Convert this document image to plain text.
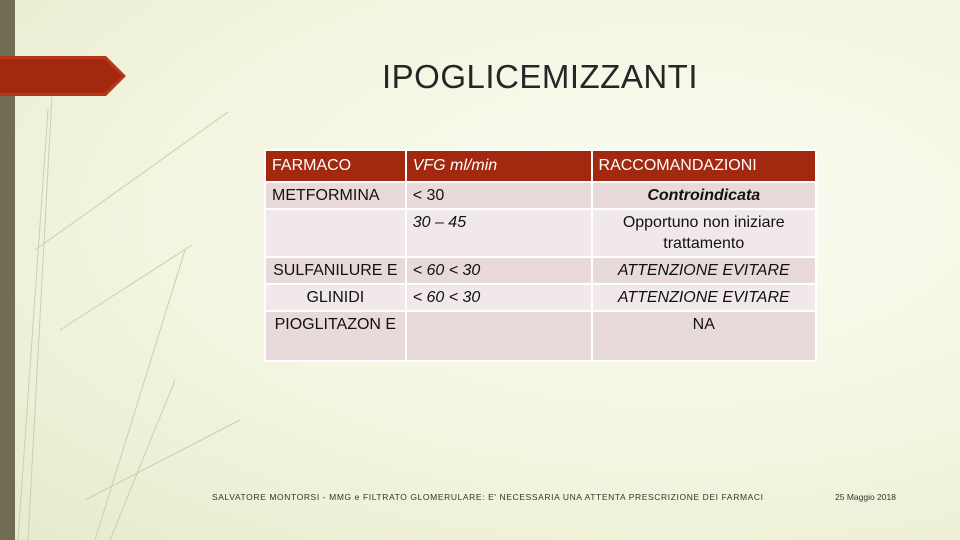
IPOGLICEMIZZANTI
FARMACO	VFG ml/min	RACCOMANDAZIONI
METFORMINA	< 30	Controindicata
	30 – 45	Opportuno non iniziare trattamento
SULFANILURE E	< 60 < 30	ATTENZIONE EVITARE
GLINIDI	< 60 < 30	ATTENZIONE EVITARE
PIOGLITAZON E		NA
SALVATORE MONTORSI - MMG e FILTRATO GLOMERULARE: E' NECESSARIA UNA ATTENTA PRESCRIZIONE DEI FARMACI	25 Maggio 2018
